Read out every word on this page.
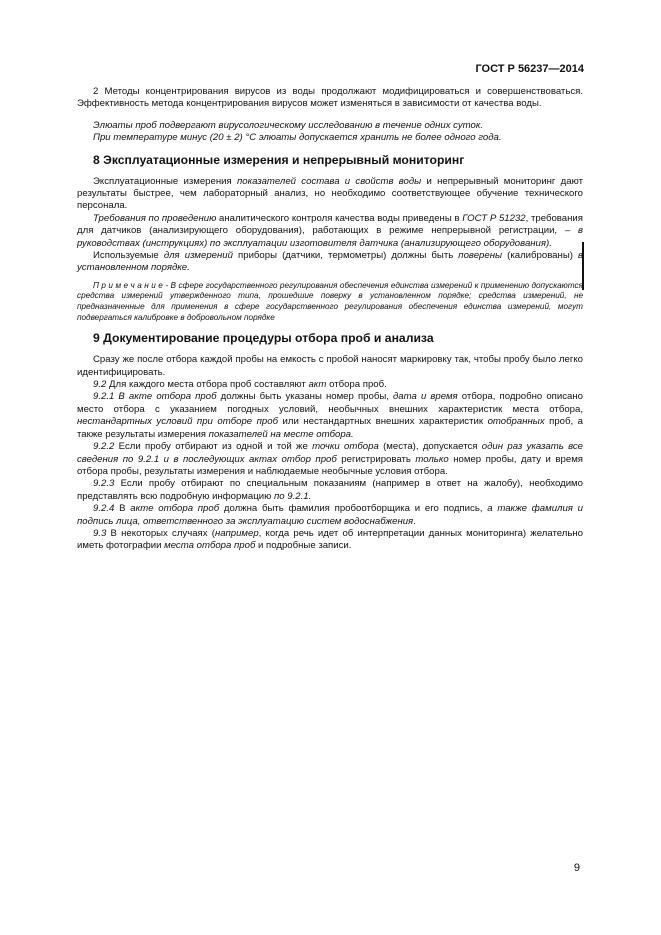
ГОСТ Р 56237—2014

2 Методы концентрирования вирусов из воды продолжают модифицироваться и совершенствоваться. Эффективность метода концентрирования вирусов может изменяться в зависимости от качества воды.

Элюаты проб подвергают вирусологическому исследованию в течение одних суток.

При температуре минус (20 ± 2) °С элюаты допускается хранить не более одного года.

8 Эксплуатационные измерения и непрерывный мониторинг

Эксплуатационные измерения показателей состава и свойств воды и непрерывный мониторинг дают результаты быстрее, чем лабораторный анализ, но необходимо соответствующее обучение технического персонала.

Требования по проведению аналитического контроля качества воды приведены в ГОСТ Р 51232, требования для датчиков (анализирующего оборудования), работающих в режиме непрерывной регистрации, – в руководствах (инструкциях) по эксплуатации изготовителя датчика (анализирующего оборудования).

Используемые для измерений приборы (датчики, термометры) должны быть поверены (калиброваны) в установленном порядке.

П р и м е ч а н и е - В сфере государственного регулирования обеспечения единства измерений к применению допускаются средства измерений утвержденного типа, прошедшие поверку в установленном порядке; средства измерений, не предназначенные для применения в сфере государственного регулирования обеспечения единства измерений, могут подвергаться калибровке в добровольном порядке

9 Документирование процедуры отбора проб и анализа

Сразу же после отбора каждой пробы на емкость с пробой наносят маркировку так, чтобы пробу было легко идентифицировать.

9.2 Для каждого места отбора проб составляют акт отбора проб.

9.2.1 В акте отбора проб должны быть указаны номер пробы, дата и время отбора, подробно описано место отбора с указанием погодных условий, необычных внешних характеристик места отбора, нестандартных условий при отборе проб или нестандартных внешних характеристик отобранных проб, а также результаты измерения показателей на месте отбора.

9.2.2 Если пробу отбирают из одной и той же точки отбора (места), допускается один раз указать все сведения по 9.2.1 и в последующих актах отбор проб регистрировать только номер пробы, дату и время отбора пробы, результаты измерения и наблюдаемые необычные условия отбора.

9.2.3 Если пробу отбирают по специальным показаниям (например в ответ на жалобу), необходимо представлять всю подробную информацию по 9.2.1.

9.2.4 В акте отбора проб должна быть фамилия пробоотборщика и его подпись, а также фамилия и подпись лица, ответственного за эксплуатацию систем водоснабжения.

9.3 В некоторых случаях (например, когда речь идет об интерпретации данных мониторинга) желательно иметь фотографии места отбора проб и подробные записи.

9
